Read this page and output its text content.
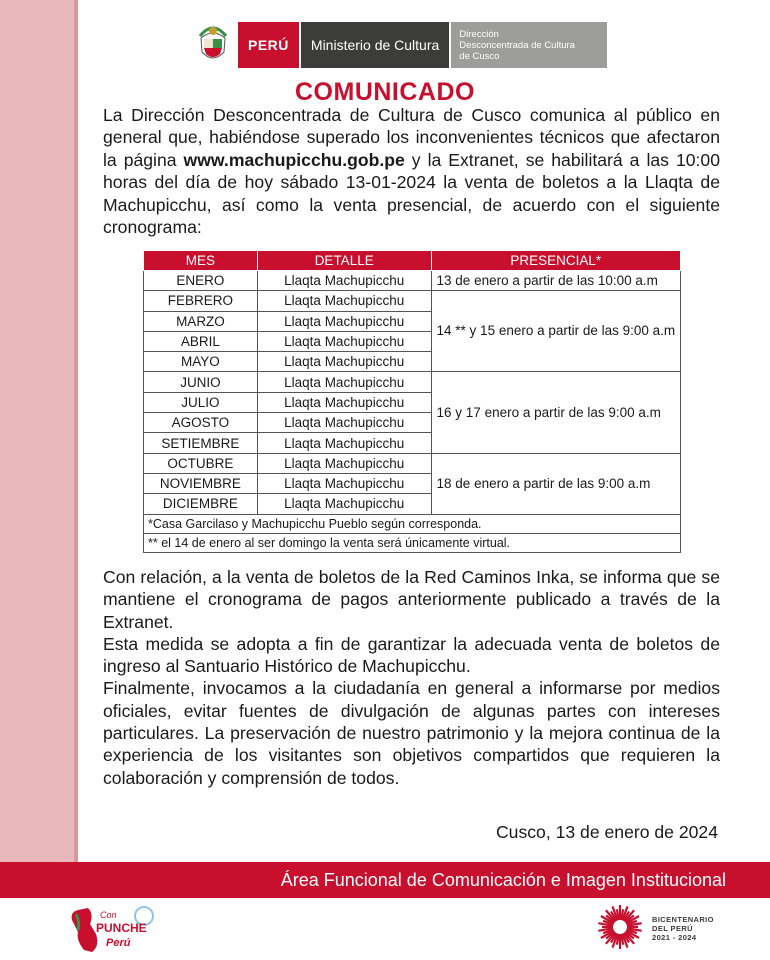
PERÚ	Ministerio de Cultura
Dirección
Desconcentrada de Cultura
de Cusco
COMUNICADO
La Dirección Desconcentrada de Cultura de Cusco comunica al público en general que, habiéndose superado los inconvenientes técnicos que afectaron la página www.machupicchu.gob.pe y la Extranet, se habilitará a las 10:00 horas del día de hoy sábado 13-01-2024 la venta de boletos a la Llaqta de Machupicchu, así como la venta presencial, de acuerdo con el siguiente cronograma:
MES	DETALLE	PRESENCIAL*
ENERO	Llaqta Machupicchu	13 de enero a partir de las 10:00 a.m
FEBRERO	Llaqta Machupicchu	14 ** y 15 enero a partir de las 9:00 a.m
MARZO	Llaqta Machupicchu	
ABRIL	Llaqta Machupicchu	
MAYO	Llaqta Machupicchu	
JUNIO	Llaqta Machupicchu	16 y 17 enero a partir de las 9:00 a.m
JULIO	Llaqta Machupicchu	
AGOSTO	Llaqta Machupicchu	
SETIEMBRE	Llaqta Machupicchu	
OCTUBRE	Llaqta Machupicchu	18 de enero a partir de las 9:00 a.m
NOVIEMBRE	Llaqta Machupicchu	
DICIEMBRE	Llaqta Machupicchu	
*Casa Garcilaso y Machupicchu Pueblo según corresponda.		
** el 14 de enero al ser domingo la venta será únicamente virtual.		

Con relación, a la venta de boletos de la Red Caminos Inka, se informa que se mantiene el cronograma de pagos anteriormente publicado a través de la Extranet.

Esta medida se adopta a fin de garantizar la adecuada venta de boletos de ingreso al Santuario Histórico de Machupicchu.

Finalmente, invocamos a la ciudadanía en general a informarse por medios oficiales, evitar fuentes de divulgación de algunas partes con intereses particulares. La preservación de nuestro patrimonio y la mejora continua de la experiencia de los visitantes son objetivos compartidos que requieren la colaboración y comprensión de todos.

Cusco, 13 de enero de 2024
Área Funcional de Comunicación e Imagen Institucional
Con
PUNCHE
Perú
BICENTENARIO
DEL PERÚ
2021 - 2024
